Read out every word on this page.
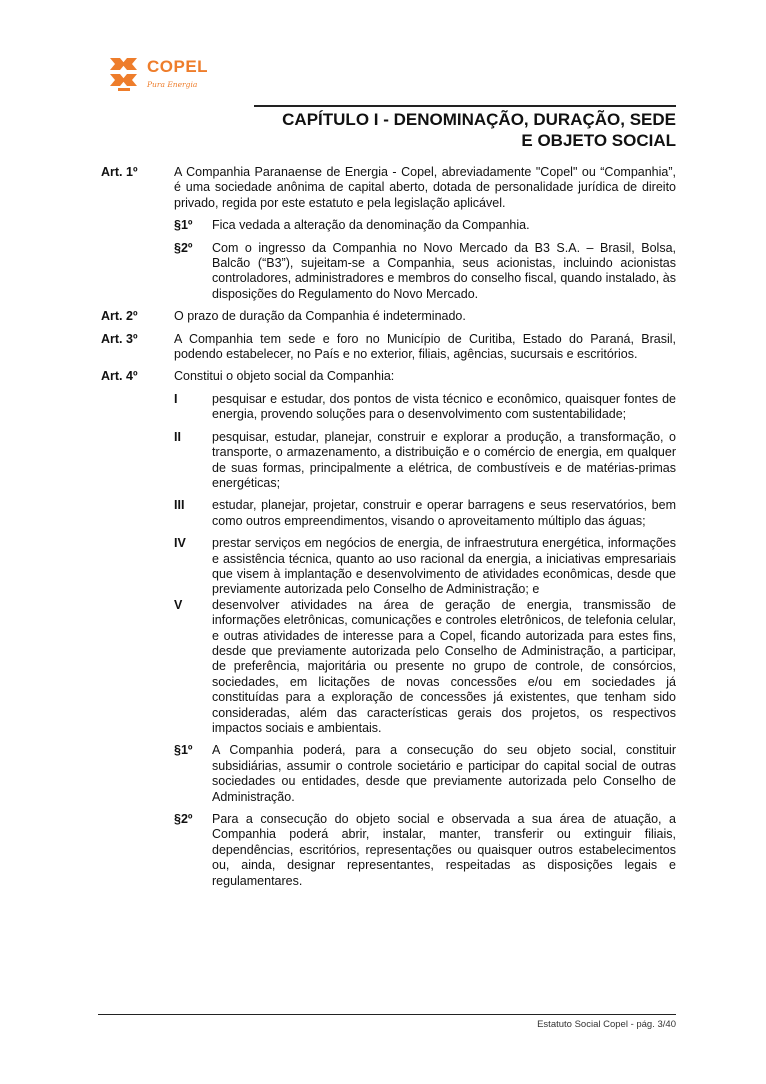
COPEL
Pura Energia
CAPÍTULO I - DENOMINAÇÃO, DURAÇÃO, SEDE
E OBJETO SOCIAL
Art. 1º	A Companhia Paranaense de Energia - Copel, abreviadamente "Copel" ou “Companhia”, é uma sociedade anônima de capital aberto, dotada de personalidade jurídica de direito privado, regida por este estatuto e pela legislação aplicável.
§1º	Fica vedada a alteração da denominação da Companhia.
§2º	Com o ingresso da Companhia no Novo Mercado da B3 S.A. – Brasil, Bolsa, Balcão (“B3”), sujeitam-se a Companhia, seus acionistas, incluindo acionistas controladores, administradores e membros do conselho fiscal, quando instalado, às disposições do Regulamento do Novo Mercado.
Art. 2º	O prazo de duração da Companhia é indeterminado.
Art. 3º	A Companhia tem sede e foro no Município de Curitiba, Estado do Paraná, Brasil, podendo estabelecer, no País e no exterior, filiais, agências, sucursais e escritórios.
Art. 4º	Constitui o objeto social da Companhia:
I	pesquisar e estudar, dos pontos de vista técnico e econômico, quaisquer fontes de energia, provendo soluções para o desenvolvimento com sustentabilidade;
II	pesquisar, estudar, planejar, construir e explorar a produção, a transformação, o transporte, o armazenamento, a distribuição e o comércio de energia, em qualquer de suas formas, principalmente a elétrica, de combustíveis e de matérias-primas energéticas;
III	estudar, planejar, projetar, construir e operar barragens e seus reservatórios, bem como outros empreendimentos, visando o aproveitamento múltiplo das águas;
IV	prestar serviços em negócios de energia, de infraestrutura energética, informações e assistência técnica, quanto ao uso racional da energia, a iniciativas empresariais que visem à implantação e desenvolvimento de atividades econômicas, desde que previamente autorizada pelo Conselho de Administração; e
V	desenvolver atividades na área de geração de energia, transmissão de informações eletrônicas, comunicações e controles eletrônicos, de telefonia celular, e outras atividades de interesse para a Copel, ficando autorizada para estes fins, desde que previamente autorizada pelo Conselho de Administração, a participar, de preferência, majoritária ou presente no grupo de controle, de consórcios, sociedades, em licitações de novas concessões e/ou em sociedades já constituídas para a exploração de concessões já existentes, que tenham sido consideradas, além das características gerais dos projetos, os respectivos impactos sociais e ambientais.
§1º	A Companhia poderá, para a consecução do seu objeto social, constituir subsidiárias, assumir o controle societário e participar do capital social de outras sociedades ou entidades, desde que previamente autorizada pelo Conselho de Administração.
§2º	Para a consecução do objeto social e observada a sua área de atuação, a Companhia poderá abrir, instalar, manter, transferir ou extinguir filiais, dependências, escritórios, representações ou quaisquer outros estabelecimentos ou, ainda, designar representantes, respeitadas as disposições legais e regulamentares.
Estatuto Social Copel - pág. 3/40
